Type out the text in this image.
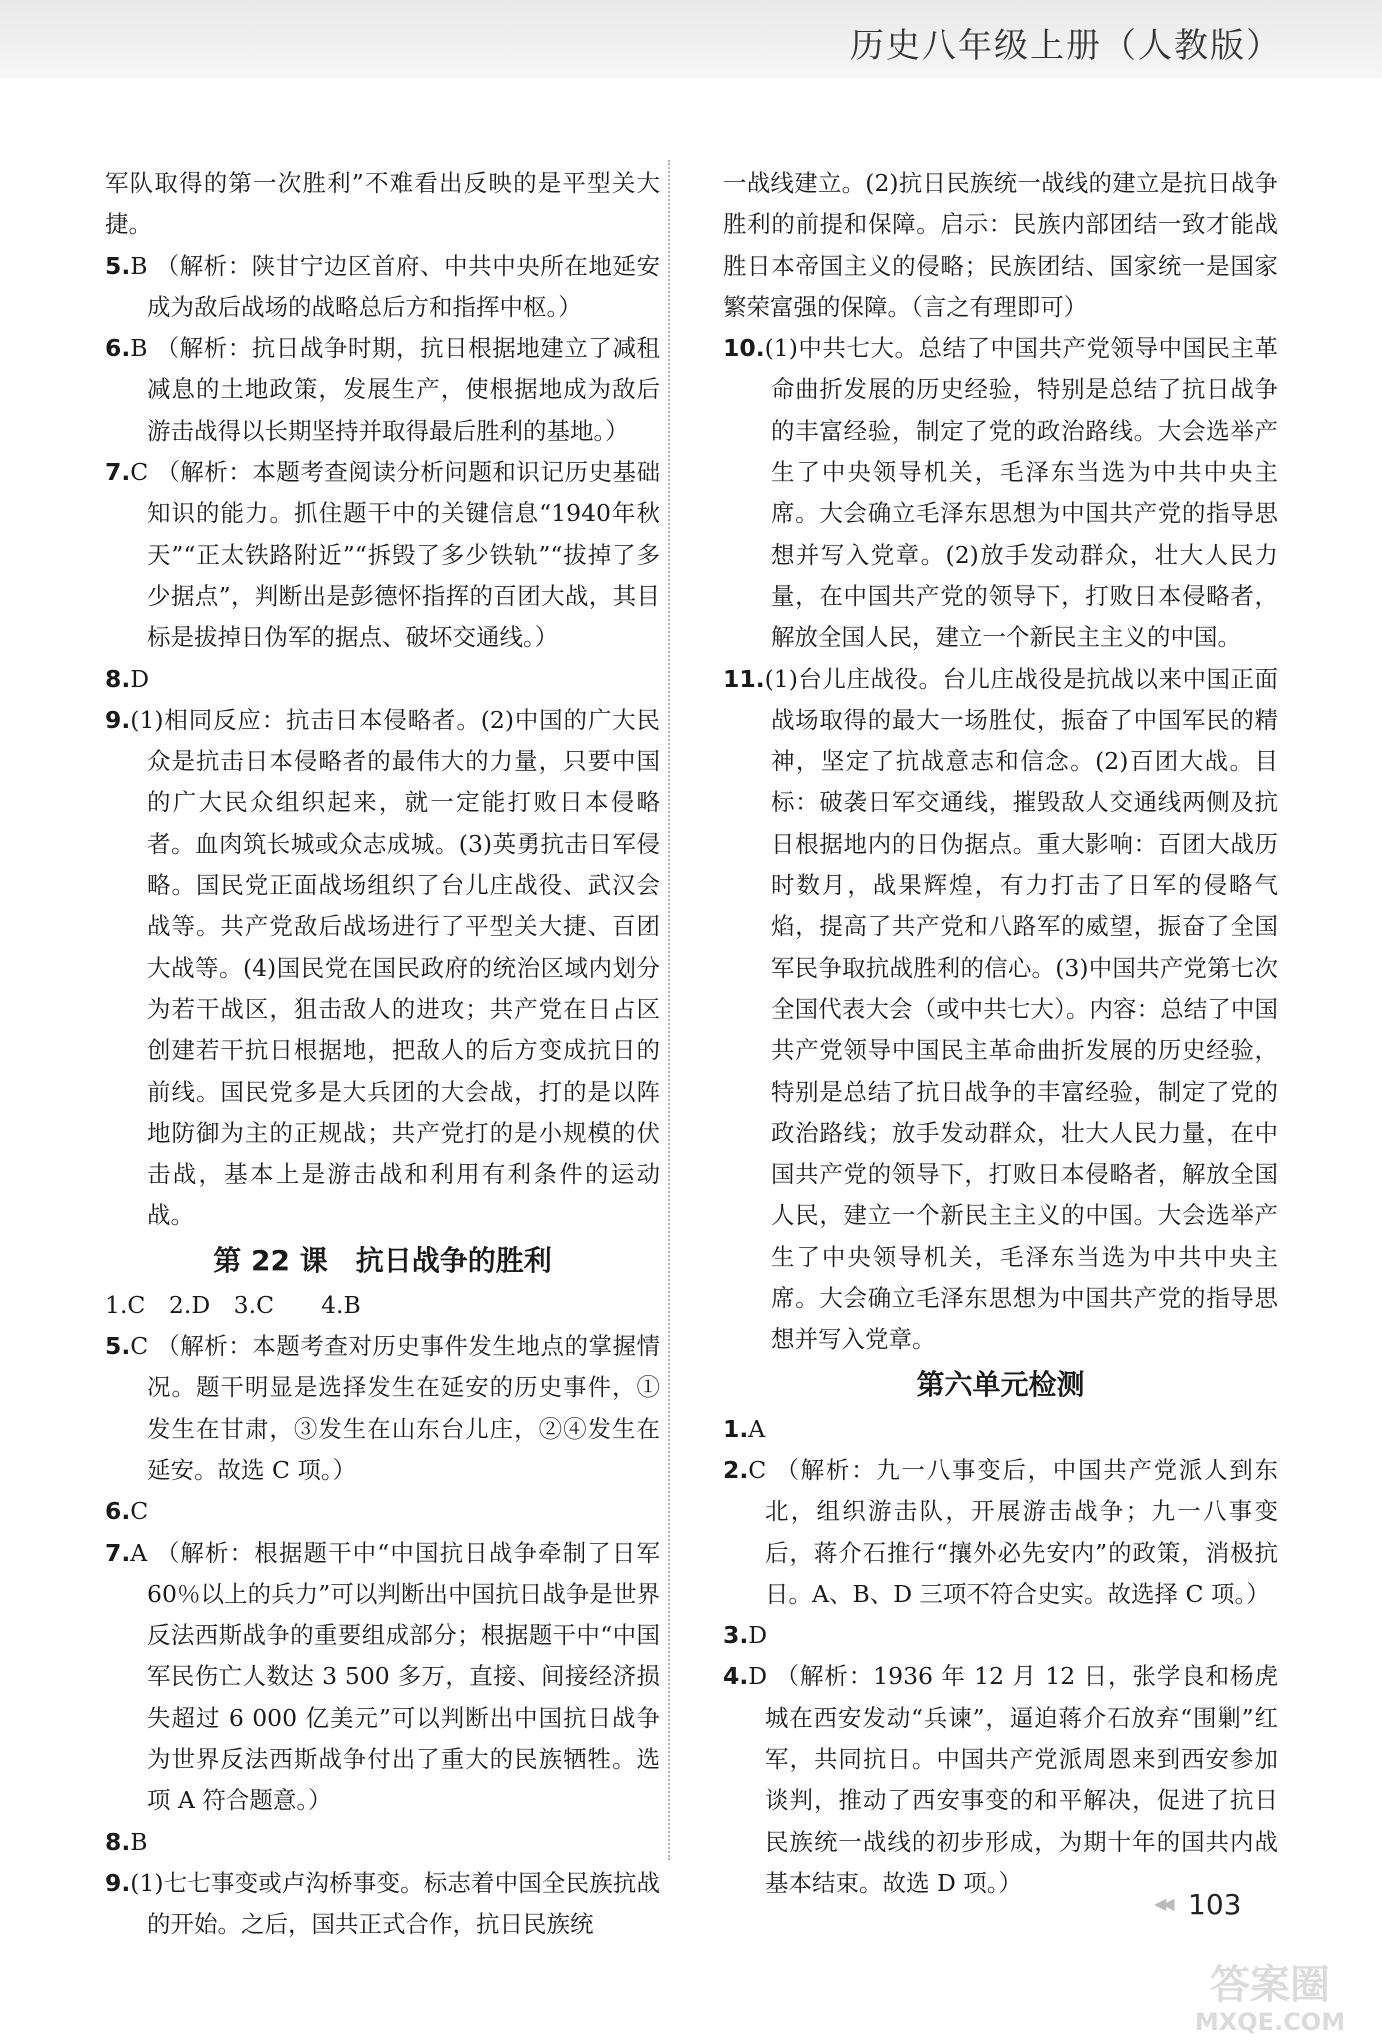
历史八年级上册（人教版）

军队取得的第一次胜利”不难看出反映的是平型关大捷。

5.B （解析：陕甘宁边区首府、中共中央所在地延安成为敌后战场的战略总后方和指挥中枢。）

6.B （解析：抗日战争时期，抗日根据地建立了减租减息的土地政策，发展生产，使根据地成为敌后游击战得以长期坚持并取得最后胜利的基地。）

7.C （解析：本题考查阅读分析问题和识记历史基础知识的能力。抓住题干中的关键信息“1940年秋天”“正太铁路附近”“拆毁了多少铁轨”“拔掉了多少据点”，判断出是彭德怀指挥的百团大战，其目标是拔掉日伪军的据点、破坏交通线。）

8.D

9.(1)相同反应：抗击日本侵略者。(2)中国的广大民众是抗击日本侵略者的最伟大的力量，只要中国的广大民众组织起来，就一定能打败日本侵略者。血肉筑长城或众志成城。(3)英勇抗击日军侵略。国民党正面战场组织了台儿庄战役、武汉会战等。共产党敌后战场进行了平型关大捷、百团大战等。(4)国民党在国民政府的统治区域内划分为若干战区，狙击敌人的进攻；共产党在日占区创建若干抗日根据地，把敌人的后方变成抗日的前线。国民党多是大兵团的大会战，打的是以阵地防御为主的正规战；共产党打的是小规模的伏击战，基本上是游击战和利用有利条件的运动战。

第 22 课　抗日战争的胜利

1.C　2.D　3.C　　4.B

5.C （解析：本题考查对历史事件发生地点的掌握情况。题干明显是选择发生在延安的历史事件，①发生在甘肃，③发生在山东台儿庄，②④发生在延安。故选 C 项。）

6.C

7.A （解析：根据题干中“中国抗日战争牵制了日军 60％以上的兵力”可以判断出中国抗日战争是世界反法西斯战争的重要组成部分；根据题干中“中国军民伤亡人数达 3 500 多万，直接、间接经济损失超过 6 000 亿美元”可以判断出中国抗日战争为世界反法西斯战争付出了重大的民族牺牲。选项 A 符合题意。）

8.B

9.(1)七七事变或卢沟桥事变。标志着中国全民族抗战的开始。之后，国共正式合作，抗日民族统

一战线建立。(2)抗日民族统一战线的建立是抗日战争胜利的前提和保障。启示：民族内部团结一致才能战胜日本帝国主义的侵略；民族团结、国家统一是国家繁荣富强的保障。（言之有理即可）

10.(1)中共七大。总结了中国共产党领导中国民主革命曲折发展的历史经验，特别是总结了抗日战争的丰富经验，制定了党的政治路线。大会选举产生了中央领导机关，毛泽东当选为中共中央主席。大会确立毛泽东思想为中国共产党的指导思想并写入党章。(2)放手发动群众，壮大人民力量，在中国共产党的领导下，打败日本侵略者，解放全国人民，建立一个新民主主义的中国。

11.(1)台儿庄战役。台儿庄战役是抗战以来中国正面战场取得的最大一场胜仗，振奋了中国军民的精神，坚定了抗战意志和信念。(2)百团大战。目标：破袭日军交通线，摧毁敌人交通线两侧及抗日根据地内的日伪据点。重大影响：百团大战历时数月，战果辉煌，有力打击了日军的侵略气焰，提高了共产党和八路军的威望，振奋了全国军民争取抗战胜利的信心。(3)中国共产党第七次全国代表大会（或中共七大）。内容：总结了中国共产党领导中国民主革命曲折发展的历史经验，特别是总结了抗日战争的丰富经验，制定了党的政治路线；放手发动群众，壮大人民力量，在中国共产党的领导下，打败日本侵略者，解放全国人民，建立一个新民主主义的中国。大会选举产生了中央领导机关，毛泽东当选为中共中央主席。大会确立毛泽东思想为中国共产党的指导思想并写入党章。

第六单元检测

1.A

2.C （解析：九一八事变后，中国共产党派人到东北，组织游击队，开展游击战争；九一八事变后，蒋介石推行“攘外必先安内”的政策，消极抗日。A、B、D 三项不符合史实。故选择 C 项。）

3.D

4.D （解析：1936 年 12 月 12 日，张学良和杨虎城在西安发动“兵谏”，逼迫蒋介石放弃“围剿”红军，共同抗日。中国共产党派周恩来到西安参加谈判，推动了西安事变的和平解决，促进了抗日民族统一战线的初步形成，为期十年的国共内战基本结束。故选 D 项。）

◀◀ 103
答案圈
MXQE.COM
